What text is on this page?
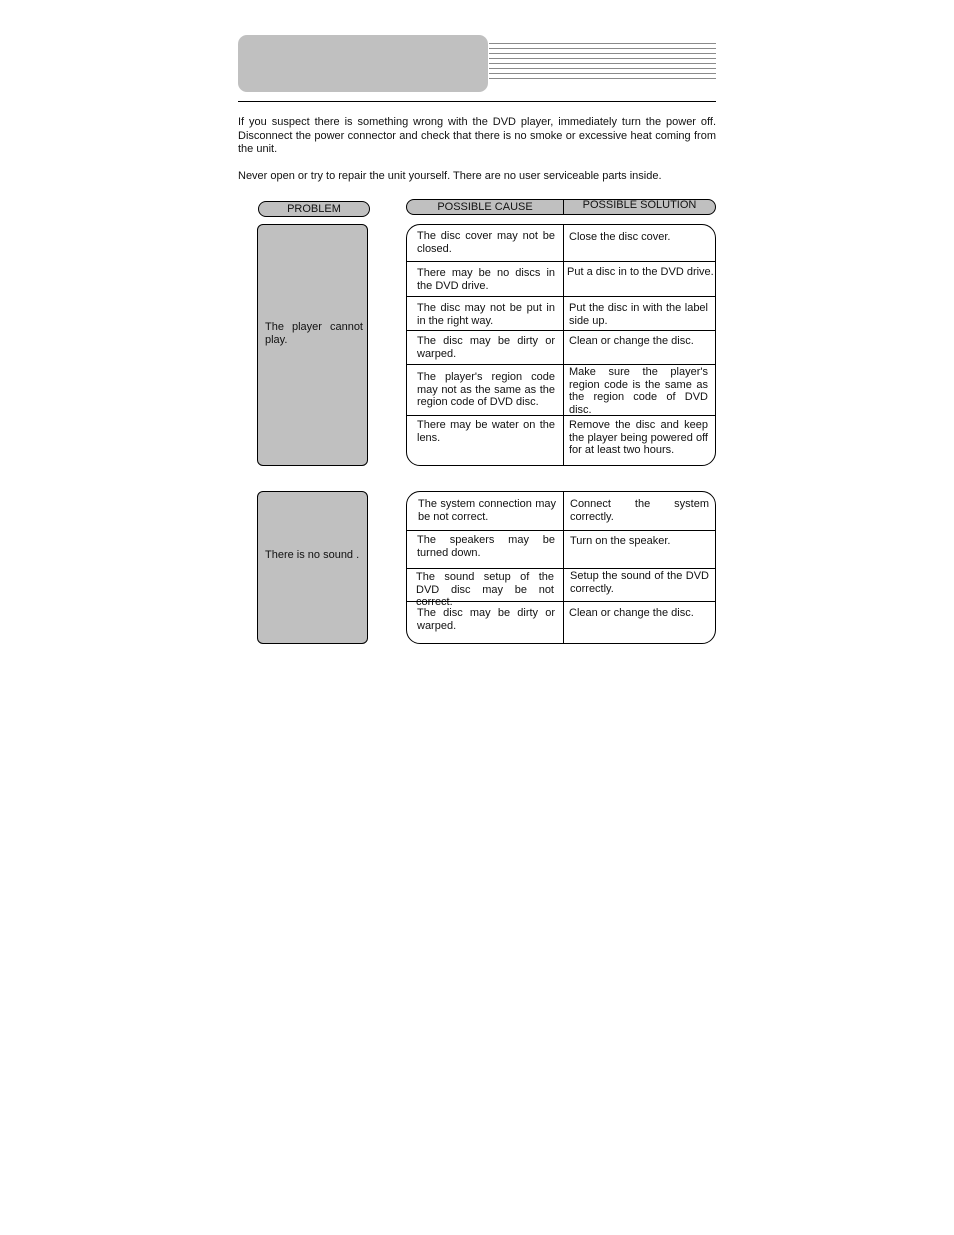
If you suspect there is something wrong with the DVD player, immediately turn the power off. Disconnect the power connector and check that there is no smoke or excessive heat coming from the unit.

Never open or try to repair the unit yourself. There are no user serviceable parts inside.

PROBLEM	POSSIBLE CAUSE	POSSIBLE SOLUTION
The player cannot play.
The disc cover may not be closed.
Close the disc cover.
There may be no discs in the DVD drive.
Put a disc in to the DVD drive.
The disc may not be put in in the right way.
Put the disc in with the label side up.
The disc may be dirty or warped.
Clean or change the disc.
The player's region code may not as the same as the region code of DVD disc.
Make sure the player's region code is the same as the region code of DVD disc.
There may be water on the lens.
Remove the disc and keep the player being powered off for at least two hours.
There is no sound .
The system connection may be not correct.
Connect the system correctly.
The speakers may be turned down.
Turn on the speaker.
The sound setup of the DVD disc may be not correct.
Setup the sound of the DVD correctly.
The disc may be dirty or warped.
Clean or change the disc.
